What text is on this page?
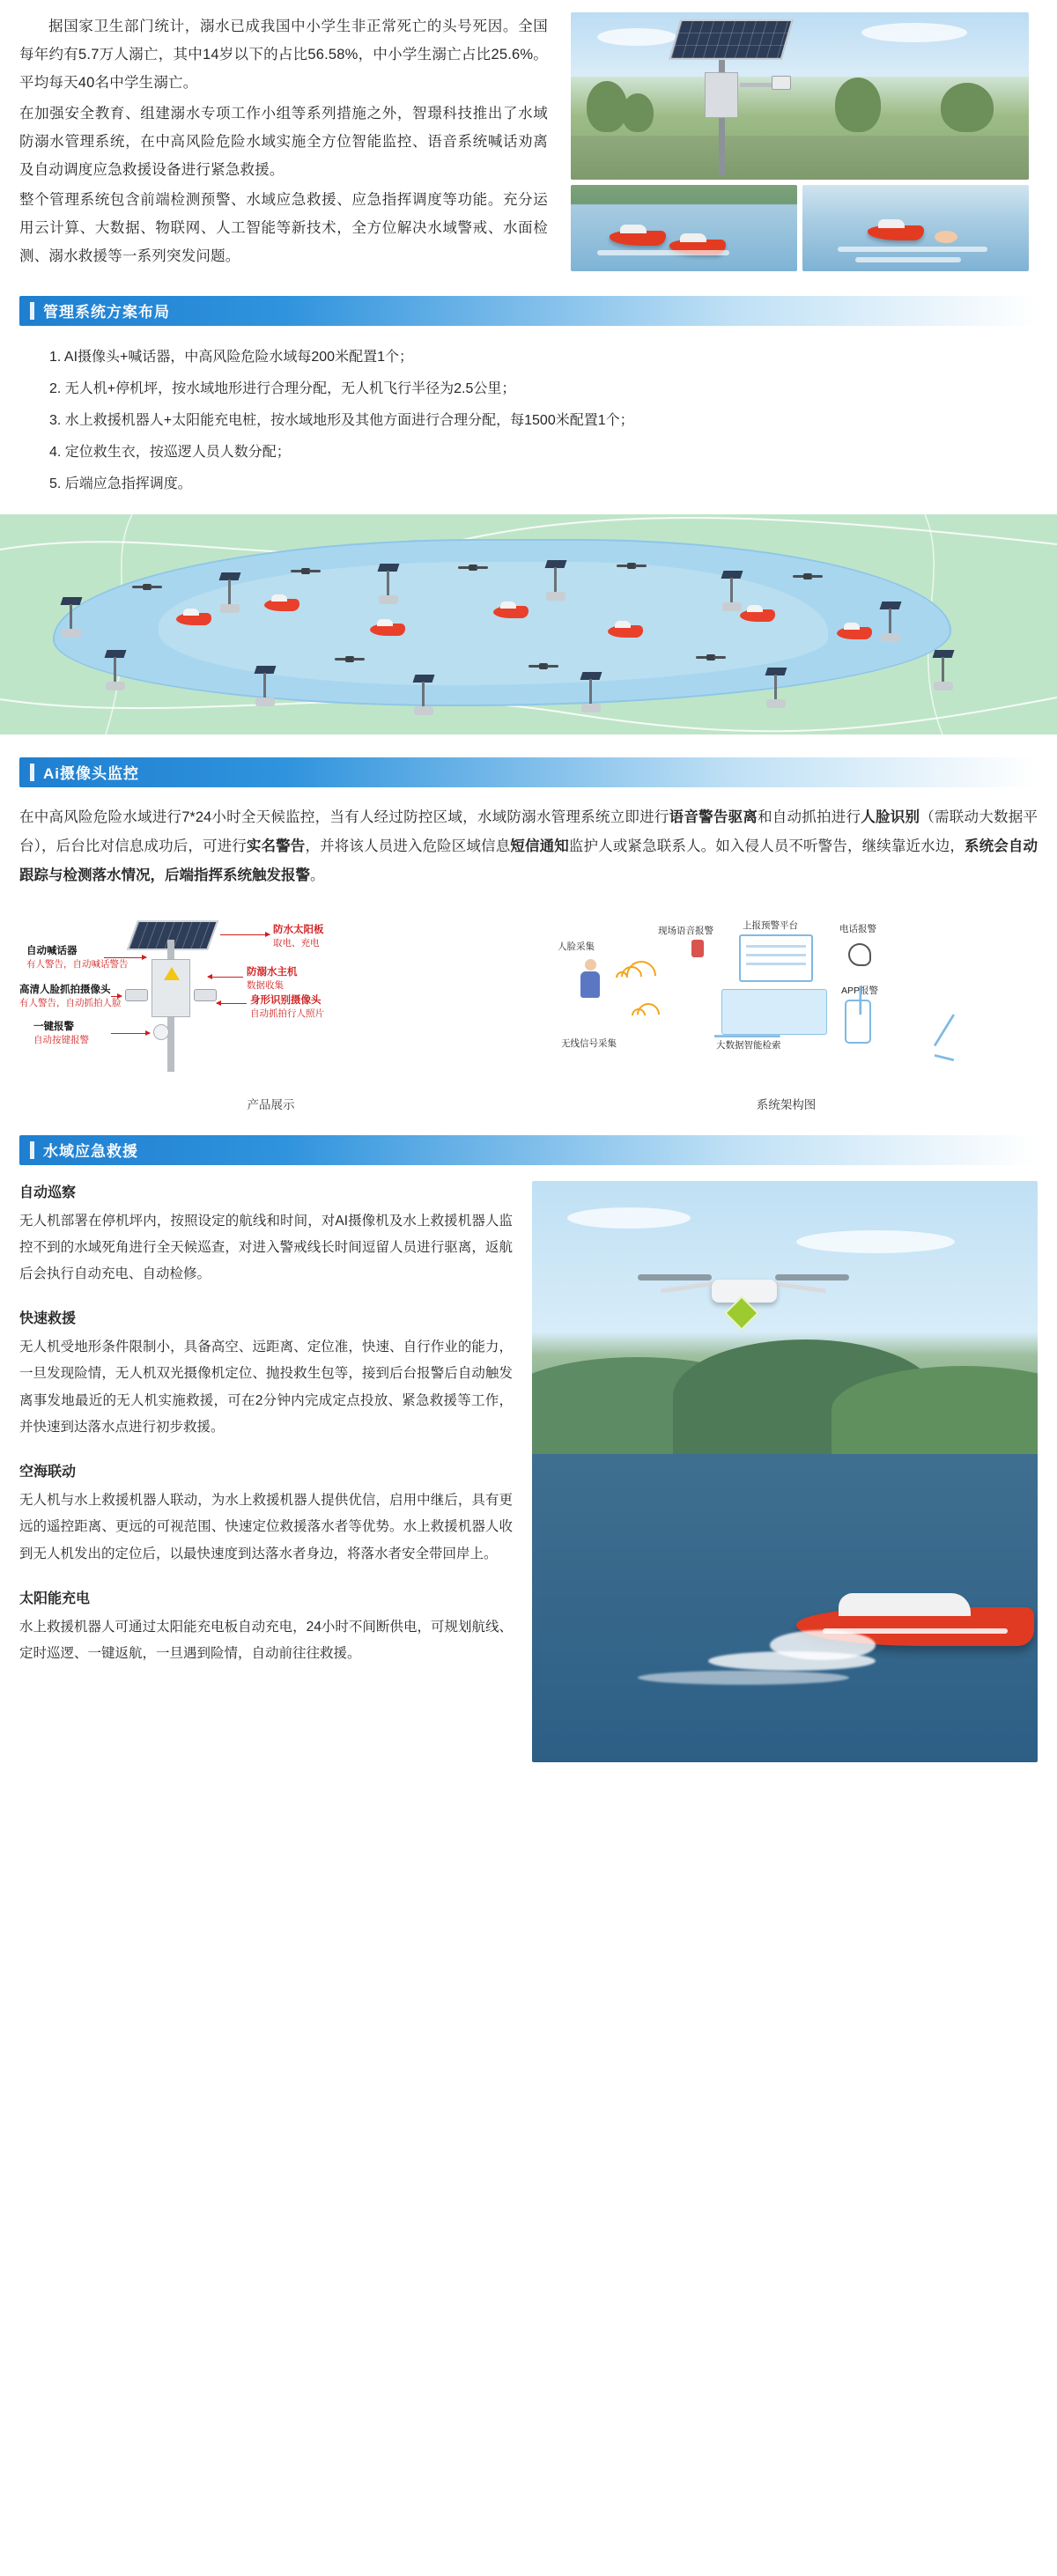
据国家卫生部门统计，溺水已成我国中小学生非正常死亡的头号死因。全国每年约有5.7万人溺亡，其中14岁以下的占比56.58%，中小学生溺亡占比25.6%。平均每天40名中学生溺亡。

在加强安全教育、组建溺水专项工作小组等系列措施之外，智璟科技推出了水域防溺水管理系统，在中高风险危险水域实施全方位智能监控、语音系统喊话劝离及自动调度应急救援设备进行紧急救援。

整个管理系统包含前端检测预警、水域应急救援、应急指挥调度等功能。充分运用云计算、大数据、物联网、人工智能等新技术，全方位解决水域警戒、水面检测、溺水救援等一系列突发问题。

管理系统方案布局
1. AI摄像头+喊话器，中高风险危险水域每200米配置1个；
2. 无人机+停机坪，按水域地形进行合理分配，无人机飞行半径为2.5公里；
3. 水上救援机器人+太阳能充电桩，按水域地形及其他方面进行合理分配，每1500米配置1个；
4. 定位救生衣，按巡逻人员人数分配；
5. 后端应急指挥调度。
Ai摄像头监控
在中高风险危险水域进行7*24小时全天候监控，当有人经过防控区域，水域防溺水管理系统立即进行语音警告驱离和自动抓拍进行人脸识别（需联动大数据平台），后台比对信息成功后，可进行实名警告，并将该人员进入危险区域信息短信通知监护人或紧急联系人。如入侵人员不听警告，继续靠近水边，系统会自动跟踪与检测落水情况，后端指挥系统触发报警。
防水太阳板
取电、充电
防溺水主机
数据收集
身形识别摄像头
自动抓拍行人照片
自动喊话器
有人警告，自动喊话警告
高清人脸抓拍摄像头
有人警告，自动抓拍人脸
一键报警
自动按键报警
产品展示
人脸采集
无线信号采集
现场语音报警	上报预警平台
大数据智能检索
电话报警
APP报警
系统架构图
水域应急救援
自动巡察

无人机部署在停机坪内，按照设定的航线和时间，对AI摄像机及水上救援机器人监控不到的水域死角进行全天候巡查，对进入警戒线长时间逗留人员进行驱离，返航后会执行自动充电、自动检修。

快速救援

无人机受地形条件限制小，具备高空、远距离、定位准，快速、自行作业的能力，一旦发现险情，无人机双光摄像机定位、抛投救生包等，接到后台报警后自动触发离事发地最近的无人机实施救援，可在2分钟内完成定点投放、紧急救援等工作，并快速到达落水点进行初步救援。

空海联动

无人机与水上救援机器人联动，为水上救援机器人提供优信，启用中继后，具有更远的遥控距离、更远的可视范围、快速定位救援落水者等优势。水上救援机器人收到无人机发出的定位后，以最快速度到达落水者身边，将落水者安全带回岸上。

太阳能充电

水上救援机器人可通过太阳能充电板自动充电，24小时不间断供电，可规划航线、定时巡逻、一键返航，一旦遇到险情，自动前往往救援。
